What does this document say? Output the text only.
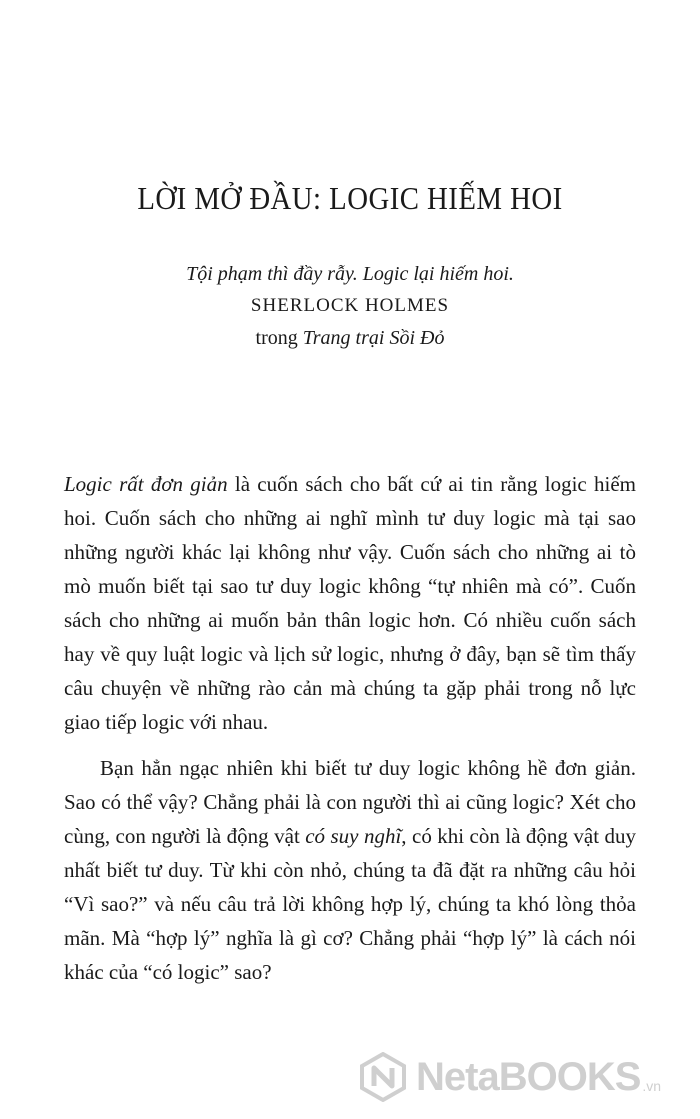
LỜI MỞ ĐẦU: LOGIC HIẾM HOI
Tội phạm thì đầy rẫy. Logic lại hiếm hoi.
SHERLOCK HOLMES
trong Trang trại Sồi Đỏ

Logic rất đơn giản là cuốn sách cho bất cứ ai tin rằng logic hiếm hoi. Cuốn sách cho những ai nghĩ mình tư duy logic mà tại sao những người khác lại không như vậy. Cuốn sách cho những ai tò mò muốn biết tại sao tư duy logic không “tự nhiên mà có”. Cuốn sách cho những ai muốn bản thân logic hơn. Có nhiều cuốn sách hay về quy luật logic và lịch sử logic, nhưng ở đây, bạn sẽ tìm thấy câu chuyện về những rào cản mà chúng ta gặp phải trong nỗ lực giao tiếp logic với nhau.

Bạn hẳn ngạc nhiên khi biết tư duy logic không hề đơn giản. Sao có thể vậy? Chẳng phải là con người thì ai cũng logic? Xét cho cùng, con người là động vật có suy nghĩ, có khi còn là động vật duy nhất biết tư duy. Từ khi còn nhỏ, chúng ta đã đặt ra những câu hỏi “Vì sao?” và nếu câu trả lời không hợp lý, chúng ta khó lòng thỏa mãn. Mà “hợp lý” nghĩa là gì cơ? Chẳng phải “hợp lý” là cách nói khác của “có logic” sao?

NetaBOOKS .vn
